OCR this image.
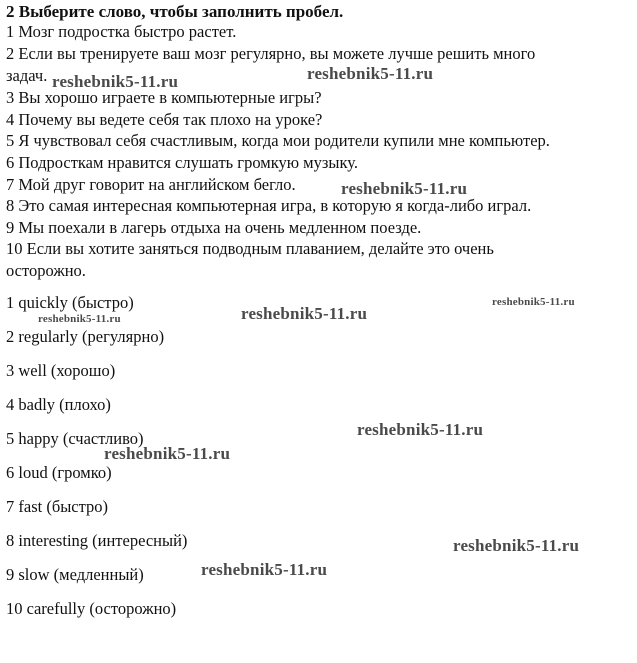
2 Выберите слово, чтобы заполнить пробел.
1 Мозг подростка быстро растет.
2 Если вы тренируете ваш мозг регулярно, вы можете лучше решить много
задач.
3 Вы хорошо играете в компьютерные игры?
4 Почему вы ведете себя так плохо на уроке?
5 Я чувствовал себя счастливым, когда мои родители купили мне компьютер.
6 Подросткам нравится слушать громкую музыку.
7 Мой друг говорит на английском бегло.
8 Это самая интересная компьютерная игра, в которую я когда-либо играл.
9 Мы поехали в лагерь отдыха на очень медленном поезде.
10 Если вы хотите заняться подводным плаванием, делайте это очень
осторожно.
1 quickly (быстро)
2 regularly (регулярно)
3 well (хорошо)
4 badly (плохо)
5 happy (счастливо)
6 loud (громко)
7 fast (быстро)
8 interesting (интересный)
9 slow (медленный)
10 carefully (осторожно)
reshebnik5-11.ru	reshebnik5-11.ru
reshebnik5-11.ru
reshebnik5-11.ru	reshebnik5-11.ru
reshebnik5-11.ru
reshebnik5-11.ru
reshebnik5-11.ru
reshebnik5-11.ru
reshebnik5-11.ru
